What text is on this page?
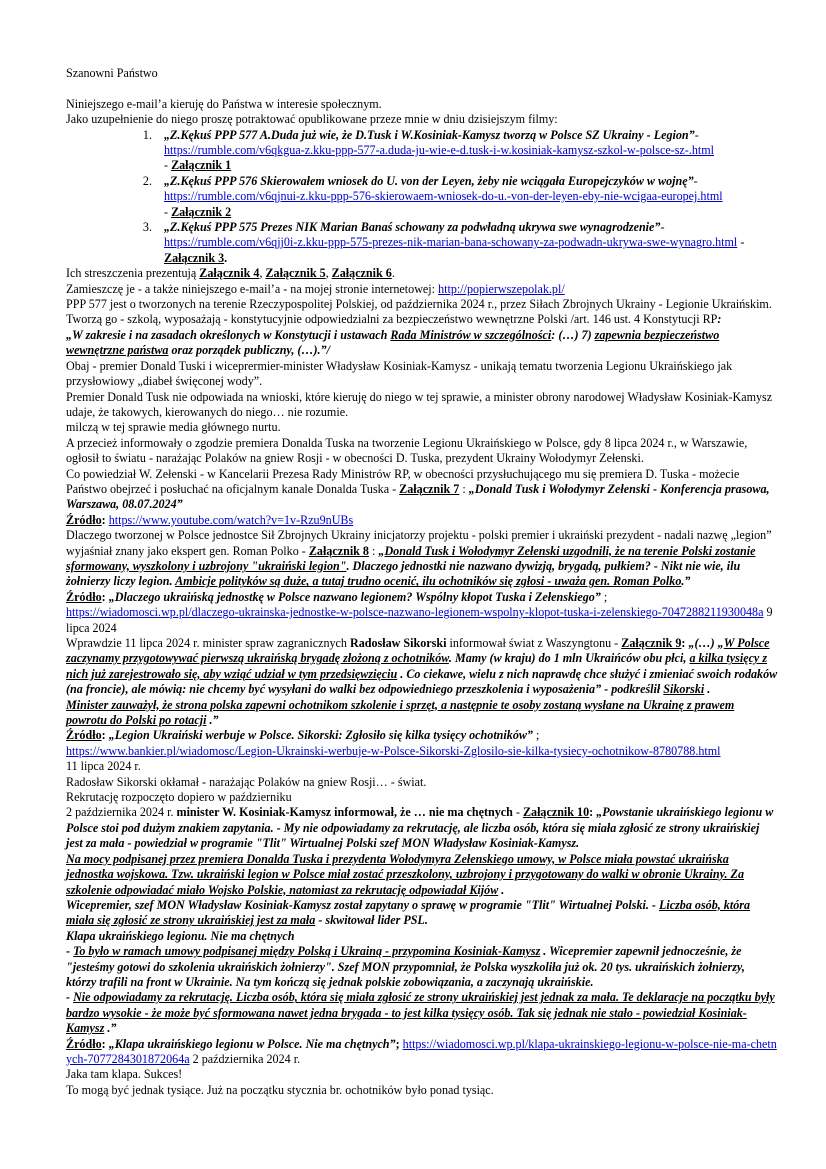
Szanowni Państwo

Niniejszego e-mail’a kieruję do Państwa w interesie społecznym.

Jako uzupełnienie do niego proszę potraktować opublikowane przeze mnie w dniu dzisiejszym filmy:

„Z.Kękuś PPP 577 A.Duda już wie, że D.Tusk i W.Kosiniak-Kamysz tworzą w Polsce SZ Ukrainy - Legion”-
https://rumble.com/v6qkgua-z.kku-ppp-577-a.duda-ju-wie-e-d.tusk-i-w.kosiniak-kamysz-szkol-w-polsce-sz-.html
- Załącznik 1
„Z.Kękuś PPP 576 Skierowałem wniosek do U. von der Leyen, żeby nie wciągała Europejczyków w wojnę”-
https://rumble.com/v6qjnui-z.kku-ppp-576-skierowaem-wniosek-do-u.-von-der-leyen-eby-nie-wcigaa-europej.html
- Załącznik 2
„Z.Kękuś PPP 575 Prezes NIK Marian Banaś schowany za podwładną ukrywa swe wynagrodzenie”-
https://rumble.com/v6qjj0i-z.kku-ppp-575-prezes-nik-marian-bana-schowany-za-podwadn-ukrywa-swe-wynagro.html -
Załącznik 3.

Ich streszczenia prezentują Załącznik 4, Załącznik 5, Załącznik 6.

Zamieszczę je - a także niniejszego e-mail’a - na mojej stronie internetowej: http://popierwszepolak.pl/

PPP 577 jest o tworzonych na terenie Rzeczypospolitej Polskiej, od października 2024 r., przez Siłach Zbrojnych Ukrainy - Legionie Ukraińskim.

Tworzą go - szkolą, wyposażają - konstytucyjnie odpowiedzialni za bezpieczeństwo wewnętrzne Polski /art. 146 ust. 4 Konstytucji RP:

„W zakresie i na zasadach określonych w Konstytucji i ustawach Rada Ministrów w szczególności: (…) 7) zapewnia bezpieczeństwo wewnętrzne państwa oraz porządek publiczny, (…).”/

Obaj - premier Donald Tuski i wiceprermier-minister Władysław Kosiniak-Kamysz - unikają tematu tworzenia Legionu Ukraińskiego jak przysłowiowy „diabeł święconej wody”.

Premier Donald Tusk nie odpowiada na wnioski, które kieruję do niego w tej sprawie, a minister obrony narodowej Władysław Kosiniak-Kamysz udaje, że takowych, kierowanych do niego… nie rozumie.

milczą w tej sprawie media głównego nurtu.

A przecież informowały o zgodzie premiera Donalda Tuska na tworzenie Legionu Ukraińskiego w Polsce, gdy 8 lipca 2024 r., w Warszawie, ogłosił to światu - narażając Polaków na gniew Rosji - w obecności D. Tuska, prezydent Ukrainy Wołodymyr Zełenski.

Co powiedział W. Zełenski - w Kancelarii Prezesa Rady Ministrów RP, w obecności przysłuchującego mu się premiera D. Tuska - możecie Państwo obejrzeć i posłuchać na oficjalnym kanale Donalda Tuska - Załącznik 7 : „Donald Tusk i Wołodymyr Zełenski - Konferencja prasowa, Warszawa, 08.07.2024”

Źródło: https://www.youtube.com/watch?v=1v-Rzu9nUBs

Dlaczego tworzonej w Polsce jednostce Sił Zbrojnych Ukrainy inicjatorzy projektu - polski premier i ukraiński prezydent - nadali nazwę „legion” wyjaśniał znany jako ekspert gen. Roman Polko - Załącznik 8 : „Donald Tusk i Wołodymyr Zełenski uzgodnili, że na terenie Polski zostanie sformowany, wyszkolony i uzbrojony "ukraiński legion". Dlaczego jednostki nie nazwano dywizją, brygadą, pułkiem? - Nikt nie wie, ilu żołnierzy liczy legion. Ambicje polityków są duże, a tutaj trudno ocenić, ilu ochotników się zgłosi - uważa gen. Roman Polko.”

Źródło: „Dlaczego ukraińską jednostkę w Polsce nazwano legionem? Wspólny kłopot Tuska i Zełenskiego” ;

https://wiadomosci.wp.pl/dlaczego-ukrainska-jednostke-w-polsce-nazwano-legionem-wspolny-klopot-tuska-i-zelenskiego-7047288211930048a 9 lipca 2024

Wprawdzie 11 lipca 2024 r. minister spraw zagranicznych Radosław Sikorski informował świat z Waszyngtonu - Załącznik 9: „(…) „W Polsce zaczynamy przygotowywać pierwszą ukraińską brygadę złożoną z ochotników. Mamy (w kraju) do 1 mln Ukraińców obu płci, a kilka tysięcy z nich już zarejestrowało się, aby wziąć udział w tym przedsięwzięciu . Co ciekawe, wielu z nich naprawdę chce służyć i zmieniać swoich rodaków (na froncie), ale mówią: nie chcemy być wysyłani do walki bez odpowiedniego przeszkolenia i wyposażenia” - podkreślił Sikorski .

Minister zauważył, że strona polska zapewni ochotnikom szkolenie i sprzęt, a następnie te osoby zostaną wysłane na Ukrainę z prawem powrotu do Polski po rotacji .”

Źródło: „Legion Ukraiński werbuje w Polsce. Sikorski: Zgłosiło się kilka tysięcy ochotników” ;

https://www.bankier.pl/wiadomosc/Legion-Ukrainski-werbuje-w-Polsce-Sikorski-Zglosilo-sie-kilka-tysiecy-ochotnikow-8780788.html

11 lipca 2024 r.

Radosław Sikorski okłamał - narażając Polaków na gniew Rosji… - świat.

Rekrutację rozpoczęto dopiero w październiku

2 października 2024 r. minister W. Kosiniak-Kamysz informował, że … nie ma chętnych - Załącznik 10: „Powstanie ukraińskiego legionu w Polsce stoi pod dużym znakiem zapytania. - My nie odpowiadamy za rekrutację, ale liczba osób, która się miała zgłosić ze strony ukraińskiej jest za mała - powiedział w programie "Tlit" Wirtualnej Polski szef MON Władysław Kosiniak-Kamysz.

Na mocy podpisanej przez premiera Donalda Tuska i prezydenta Wołodymyra Zełenskiego umowy, w Polsce miała powstać ukraińska jednostka wojskowa. Tzw. ukraiński legion w Polsce miał zostać przeszkolony, uzbrojony i przygotowany do walki w obronie Ukrainy. Za szkolenie odpowiadać miało Wojsko Polskie, natomiast za rekrutację odpowiadał Kijów .

Wicepremier, szef MON Władysław Kosiniak-Kamysz został zapytany o sprawę w programie "Tlit" Wirtualnej Polski. - Liczba osób, która miała się zgłosić ze strony ukraińskiej jest za mała - skwitował lider PSL.

Klapa ukraińskiego legionu. Nie ma chętnych

- To było w ramach umowy podpisanej między Polską i Ukrainą - przypomina Kosiniak-Kamysz . Wicepremier zapewnił jednocześnie, że "jesteśmy gotowi do szkolenia ukraińskich żołnierzy". Szef MON przypomniał, że Polska wyszkoliła już ok. 20 tys. ukraińskich żołnierzy, którzy trafili na front w Ukrainie. Na tym kończą się jednak polskie zobowiązania, a zaczynają ukraińskie.

- Nie odpowiadamy za rekrutację. Liczba osób, która się miała zgłosić ze strony ukraińskiej jest jednak za mała. Te deklaracje na początku były bardzo wysokie - że może być sformowana nawet jedna brygada - to jest kilka tysięcy osób. Tak się jednak nie stało - powiedział Kosiniak-Kamysz .”

Źródło: „Klapa ukraińskiego legionu w Polsce. Nie ma chętnych”; https://wiadomosci.wp.pl/klapa-ukrainskiego-legionu-w-polsce-nie-ma-chetnych-7077284301872064a 2 października 2024 r.

Jaka tam klapa. Sukces!

To mogą być jednak tysiące. Już na początku stycznia br. ochotników było ponad tysiąc.
